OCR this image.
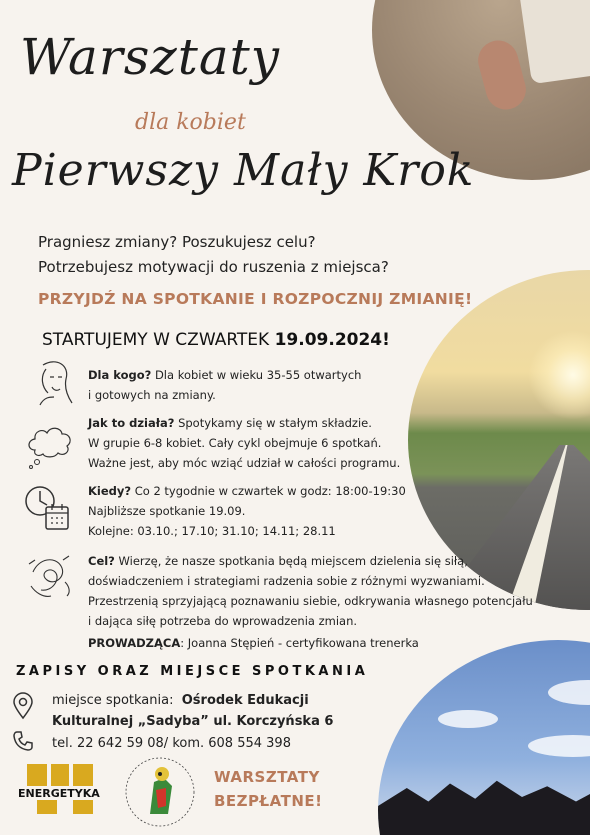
Warsztaty
dla kobiet
Pierwszy Mały Krok
Pragniesz zmiany? Poszukujesz celu?
Potrzebujesz motywacji do ruszenia z miejsca?
PRZYJDŹ NA SPOTKANIE I ROZPOCZNIJ ZMIANIĘ!
STARTUJEMY W CZWARTEK 19.09.2024!
Dla kogo? Dla kobiet w wieku 35-55 otwartych
i gotowych na zmiany.
Jak to działa? Spotykamy się w stałym składzie.
W grupie 6-8 kobiet. Cały cykl obejmuje 6 spotkań.
Ważne jest, aby móc wziąć udział w całości programu.
Kiedy? Co 2 tygodnie w czwartek w godz: 18:00-19:30
Najbliższe spotkanie 19.09.
Kolejne: 03.10.; 17.10; 31.10; 14.11; 28.11
Cel? Wierzę, że nasze spotkania będą miejscem dzielenia się siłą,
doświadczeniem i strategiami radzenia sobie z różnymi wyzwaniami.
Przestrzenią sprzyjającą poznawaniu siebie, odkrywania własnego potencjału
i dająca siłę potrzeba do wprowadzenia zmian.
PROWADZĄCA: Joanna Stępień - certyfikowana trenerka
ZAPISY ORAZ MIEJSCE SPOTKANIA
miejsce spotkania: Ośrodek Edukacji
Kulturalnej „Sadyba” ul. Korczyńska 6
tel. 22 642 59 08/ kom. 608 554 398
ENERGETYKA
WARSZTATY
BEZPŁATNE!
